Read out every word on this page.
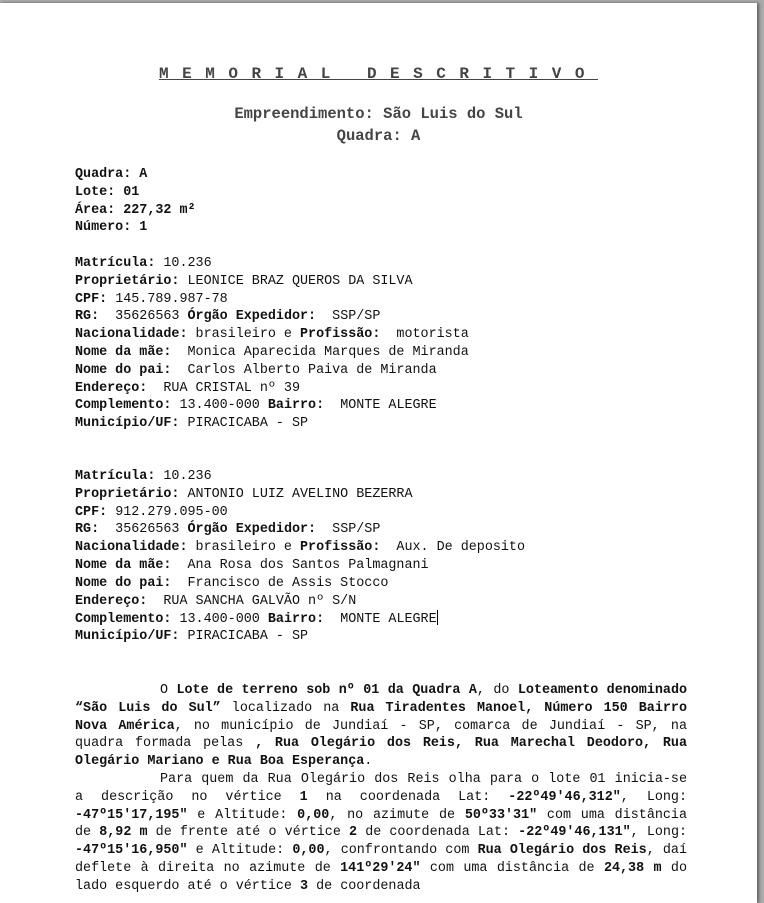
MEMORIAL DESCRITIVO
Empreendimento: São Luis do Sul
Quadra: A
Quadra: A
Lote: 01
Área: 227,32 m²
Número: 1
Matrícula: 10.236
Proprietário: LEONICE BRAZ QUEROS DA SILVA
CPF: 145.789.987-78
RG:  35626563 Órgão Expedidor:  SSP/SP
Nacionalidade: brasileiro e Profissão:  motorista
Nome da mãe:  Monica Aparecida Marques de Miranda
Nome do pai:  Carlos Alberto Paiva de Miranda
Endereço:  RUA CRISTAL nº 39
Complemento: 13.400-000 Bairro:  MONTE ALEGRE
Município/UF: PIRACICABA - SP
Matrícula: 10.236
Proprietário: ANTONIO LUIZ AVELINO BEZERRA
CPF: 912.279.095-00
RG:  35626563 Órgão Expedidor:  SSP/SP
Nacionalidade: brasileiro e Profissão:  Aux. De deposito
Nome da mãe:  Ana Rosa dos Santos Palmagnani
Nome do pai:  Francisco de Assis Stocco
Endereço:  RUA SANCHA GALVÃO nº S/N
Complemento: 13.400-000 Bairro:  MONTE ALEGRE
Município/UF: PIRACICABA - SP

O Lote de terreno sob nº 01 da Quadra A, do Loteamento denominado “São Luis do Sul” localizado na Rua Tiradentes Manoel, Número 150 Bairro Nova América, no município de Jundiaí - SP, comarca de Jundiaí - SP, na quadra formada pelas , Rua Olegário dos Reis, Rua Marechal Deodoro, Rua Olegário Mariano e Rua Boa Esperança.

Para quem da Rua Olegário dos Reis olha para o lote 01 inicia-se a descrição no vértice 1 na coordenada Lat: -22º49'46,312", Long: -47º15'17,195" e Altitude: 0,00, no azimute de 50º33'31" com uma distância de 8,92 m de frente até o vértice 2 de coordenada Lat: -22º49'46,131", Long: -47º15'16,950" e Altitude: 0,00, confrontando com Rua Olegário dos Reis, daí deflete à direita no azimute de 141º29'24" com uma distância de 24,38 m do lado esquerdo até o vértice 3 de coordenada
